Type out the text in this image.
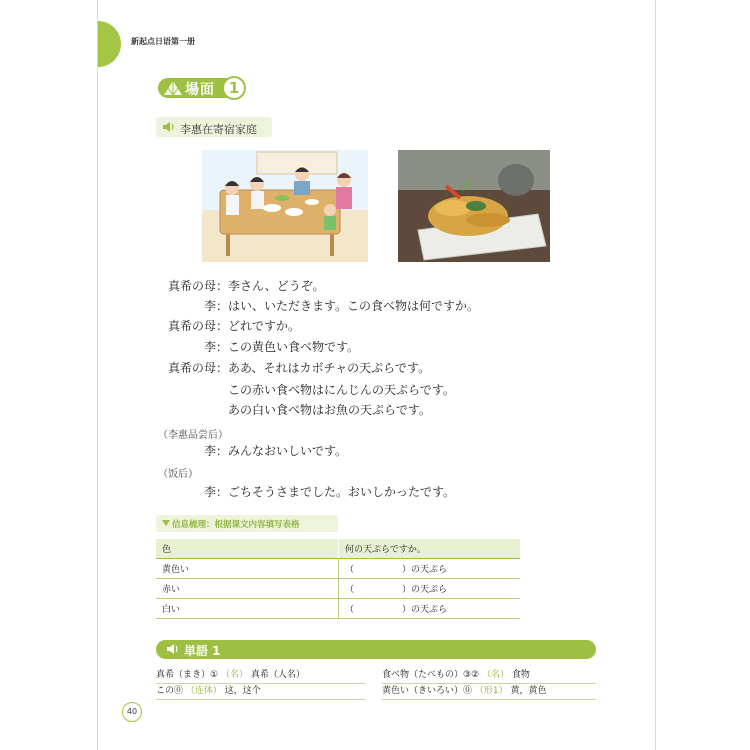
新起点日语第一册
場面 1
李惠在寄宿家庭
真希の母： 李さん、どうぞ。
李： はい、いただきます。この食べ物は何ですか。
真希の母： どれですか。
李： この黄色い食べ物です。
真希の母： ああ、それはカボチャの天ぷらです。
この赤い食べ物はにんじんの天ぷらです。
あの白い食べ物はお魚の天ぷらです。
（李惠品尝后）
李： みんなおいしいです。
（饭后）
李： ごちそうさまでした。おいしかったです。
信息梳理：根据课文内容填写表格
色	何の天ぷらですか。
黄色い	（ ）の天ぷら
赤い	（ ）の天ぷら
白い	（ ）の天ぷら
単語 1
真希（まき）① （名） 真希（人名）
この⓪ （连体） 这，这个
食べ物（たべもの）③② （名） 食物
黄色い（きいろい）⓪ （形1） 黄，黄色
40
